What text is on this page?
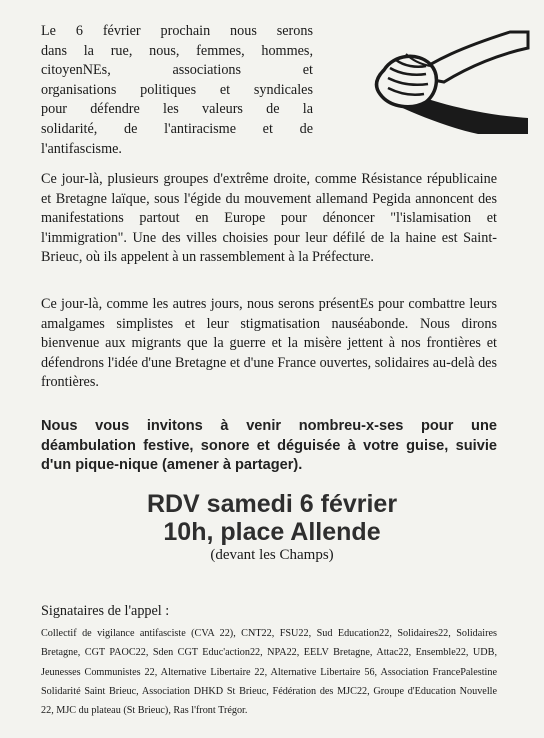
Le 6 février prochain nous serons
dans la rue, nous, femmes, hommes,
citoyenNEs, associations et
organisations politiques et syndicales
pour défendre les valeurs de la
solidarité, de l'antiracisme et de
l'antifascisme.
Ce jour-là, plusieurs groupes d'extrême droite, comme Résistance républicaine et Bretagne laïque, sous l'égide du mouvement allemand Pegida annoncent des manifestations partout en Europe pour dénoncer "l'islamisation et l'immigration". Une des villes choisies pour leur défilé de la haine est Saint-Brieuc, où ils appelent à un rassemblement à la Préfecture.
Ce jour-là, comme les autres jours, nous serons présentEs pour combattre leurs amalgames simplistes et leur stigmatisation nauséabonde. Nous dirons bienvenue aux migrants que la guerre et la misère jettent à nos frontières et défendrons l'idée d'une Bretagne et d'une France ouvertes, solidaires au-delà des frontières.
Nous vous invitons à venir nombreu-x-ses pour une déambulation festive, sonore et déguisée à votre guise, suivie d'un pique-nique (amener à partager).
RDV samedi 6 février
10h, place Allende
(devant les Champs)
Signataires de l'appel :
Collectif de vigilance antifasciste (CVA 22), CNT22, FSU22, Sud Education22, Solidaires22, Solidaires Bretagne, CGT PAOC22, Sden CGT Educ'action22, NPA22, EELV Bretagne, Attac22, Ensemble22, UDB, Jeunesses Communistes 22, Alternative Libertaire 22, Alternative Libertaire 56, Association FrancePalestine Solidarité Saint Brieuc, Association DHKD St Brieuc, Fédération des MJC22, Groupe d'Education Nouvelle 22, MJC du plateau (St Brieuc), Ras l'front Trégor.
